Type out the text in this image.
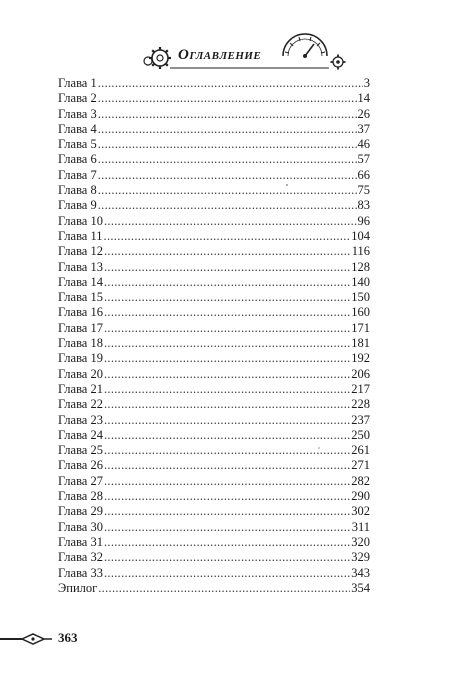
Оглавление
Глава 1 .....	3
Глава 2 .....	14
Глава 3 .....	26
Глава 4 .....	37
Глава 5 .....	46
Глава 6 .....	57
Глава 7 .....	66
Глава 8 .....	75
Глава 9 .....	83
Глава 10 .....	96
Глава 11 .....	104
Глава 12 .....	116
Глава 13 .....	128
Глава 14 .....	140
Глава 15 .....	150
Глава 16 .....	160
Глава 17 .....	171
Глава 18 .....	181
Глава 19 .....	192
Глава 20 .....	206
Глава 21 .....	217
Глава 22 .....	228
Глава 23 .....	237
Глава 24 .....	250
Глава 25 .....	261
Глава 26 .....	271
Глава 27 .....	282
Глава 28 .....	290
Глава 29 .....	302
Глава 30 .....	311
Глава 31 .....	320
Глава 32 .....	329
Глава 33 .....	343
Эпилог .....	354
363
